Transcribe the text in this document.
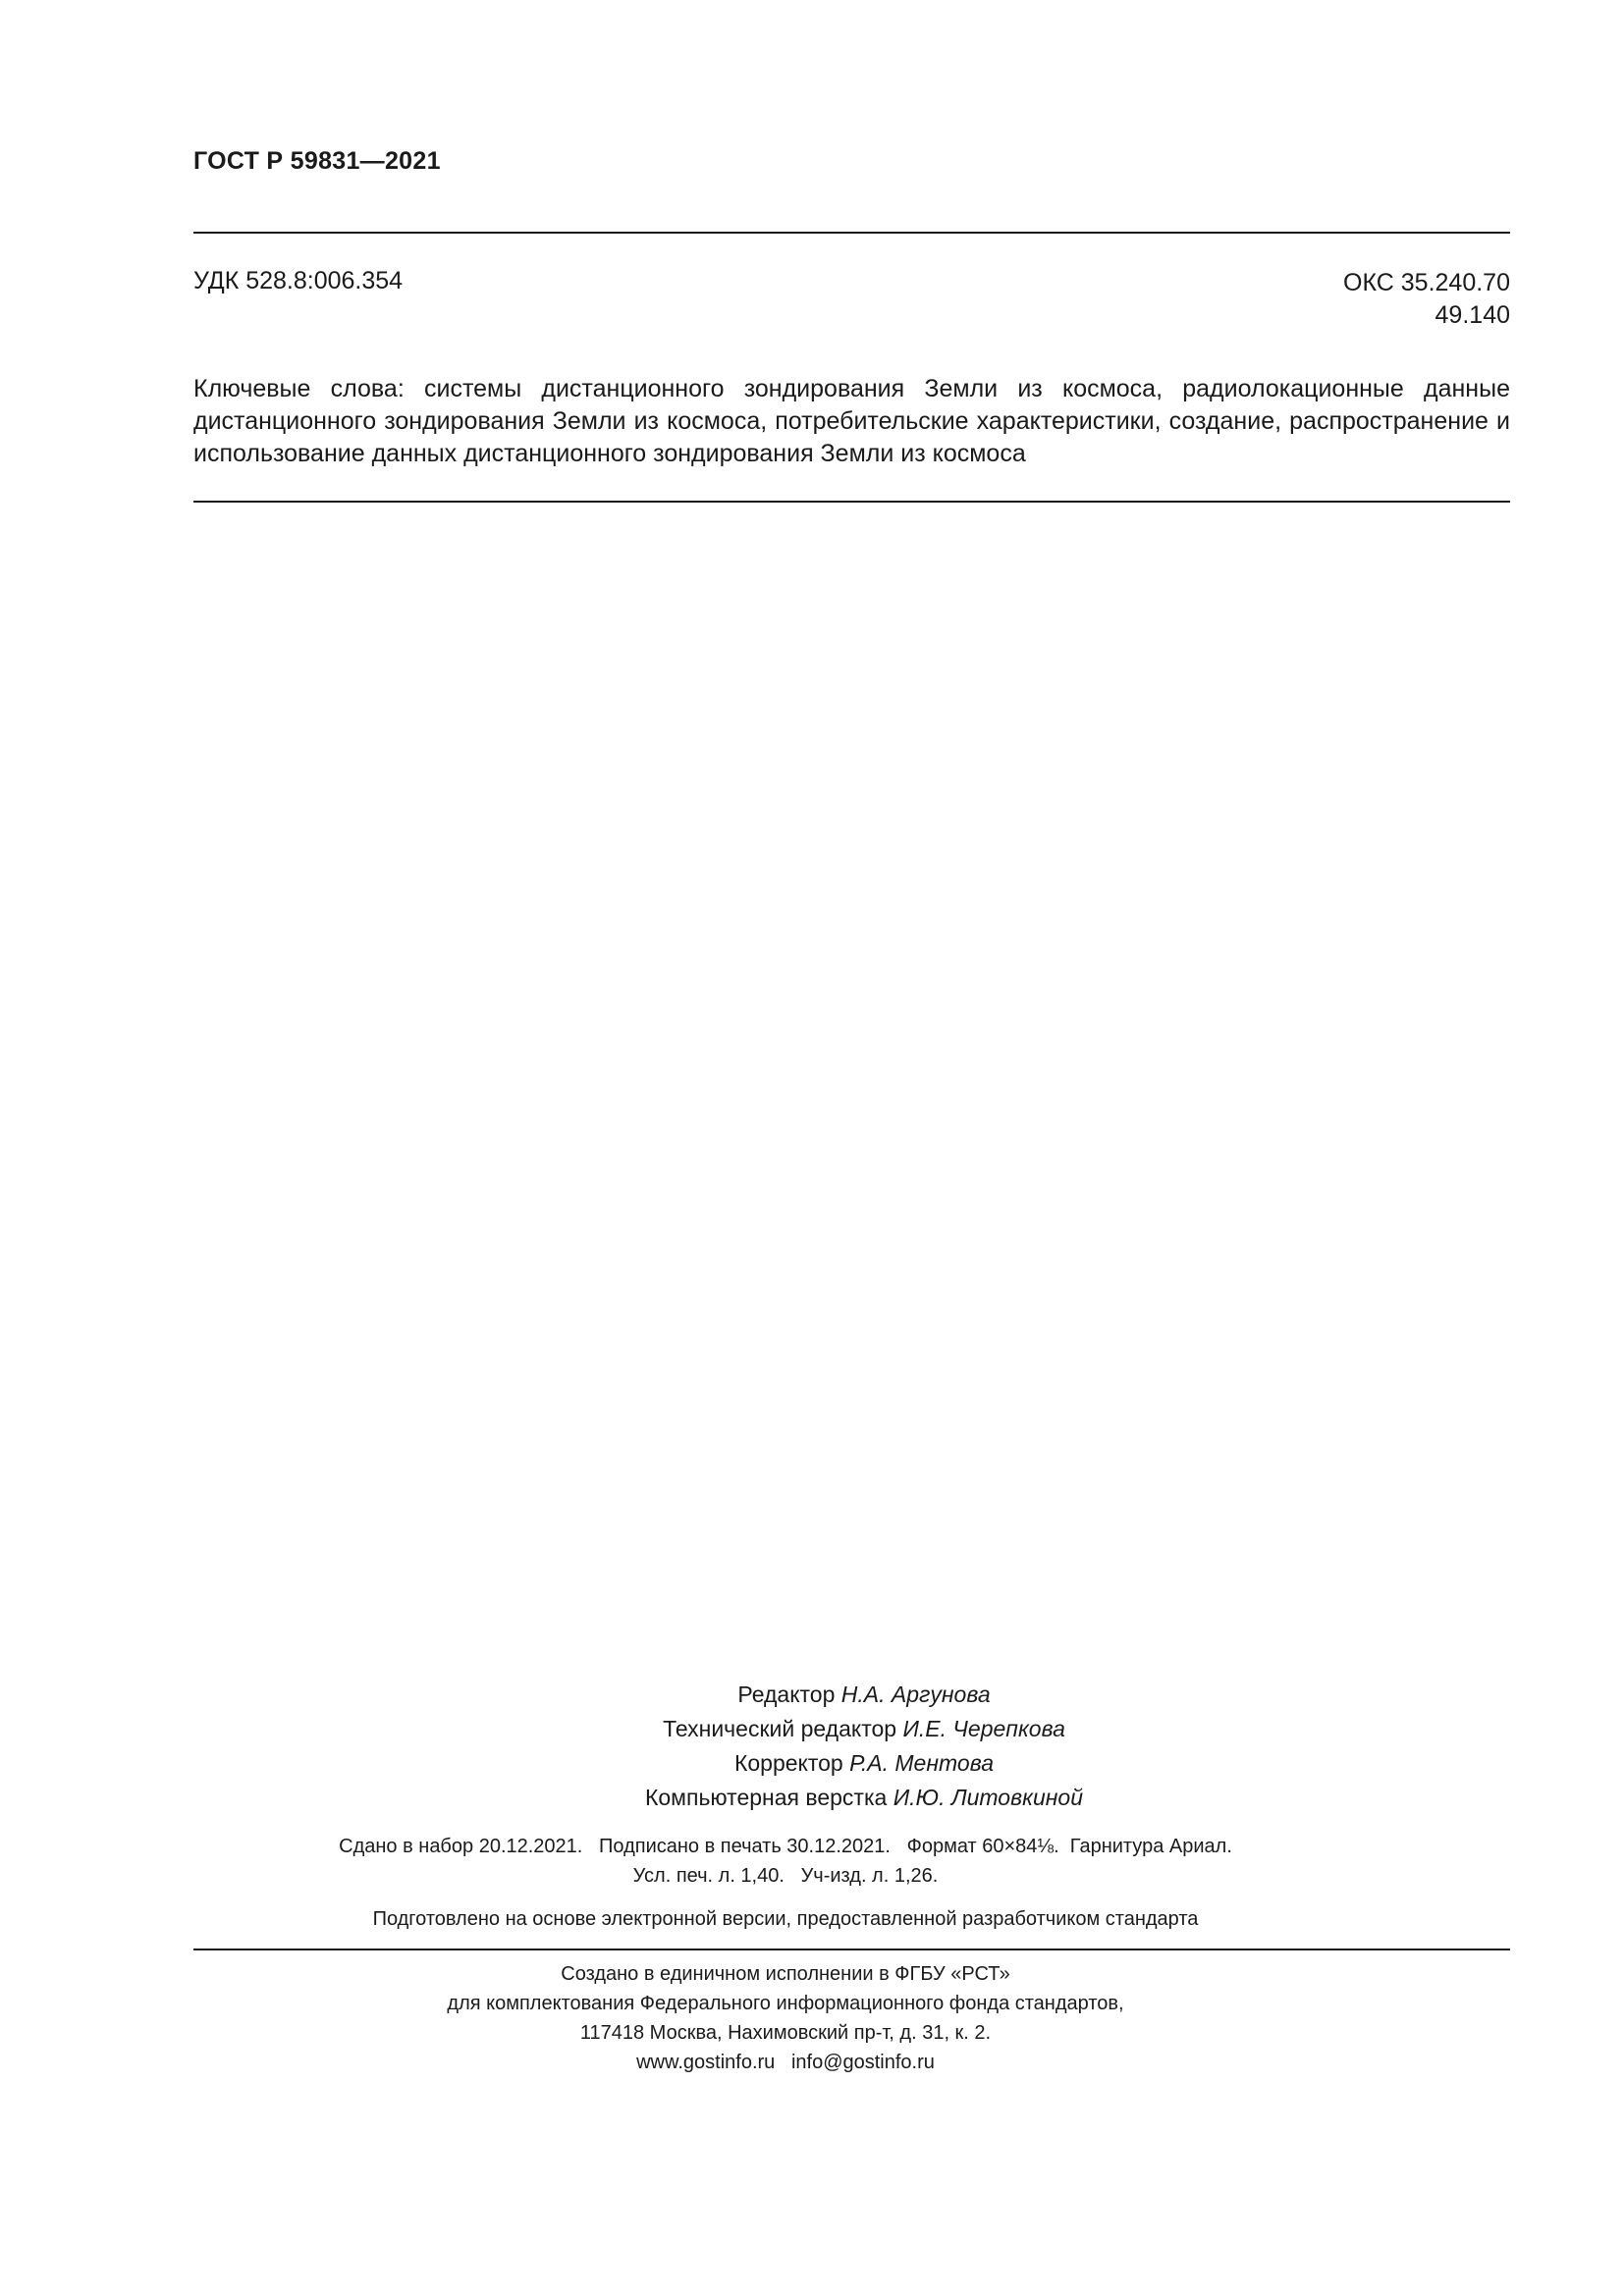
ГОСТ Р 59831—2021
УДК 528.8:006.354	ОКС 35.240.70
49.140
Ключевые слова: системы дистанционного зондирования Земли из космоса, радиолокационные данные дистанционного зондирования Земли из космоса, потребительские характеристики, создание, распространение и использование данных дистанционного зондирования Земли из космоса
Редактор Н.А. Аргунова
Технический редактор И.Е. Черепкова
Корректор Р.А. Ментова
Компьютерная верстка И.Ю. Литовкиной
Сдано в набор 20.12.2021.   Подписано в печать 30.12.2021.   Формат 60×84⅛.  Гарнитура Ариал.
Усл. печ. л. 1,40.   Уч-изд. л. 1,26.
Подготовлено на основе электронной версии, предоставленной разработчиком стандарта
Создано в единичном исполнении в ФГБУ «РСТ»
для комплектования Федерального информационного фонда стандартов,
117418 Москва, Нахимовский пр-т, д. 31, к. 2.
www.gostinfo.ru   info@gostinfo.ru
